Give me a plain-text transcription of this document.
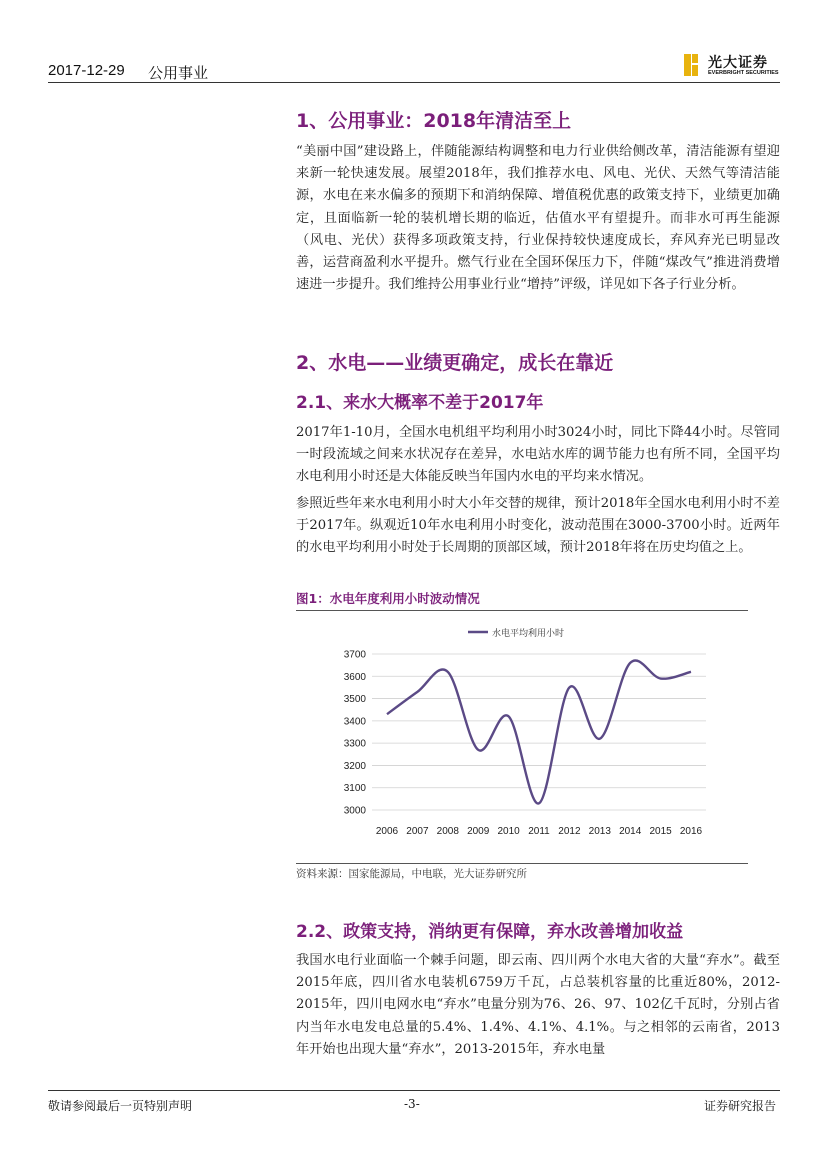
2017-12-29 公用事业
光大证券
EVERBRIGHT SECURITIES
1、公用事业：2018年清洁至上
“美丽中国”建设路上，伴随能源结构调整和电力行业供给侧改革，清洁能源有望迎来新一轮快速发展。展望2018年，我们推荐水电、风电、光伏、天然气等清洁能源，水电在来水偏多的预期下和消纳保障、增值税优惠的政策支持下，业绩更加确定，且面临新一轮的装机增长期的临近，估值水平有望提升。而非水可再生能源（风电、光伏）获得多项政策支持，行业保持较快速度成长，弃风弃光已明显改善，运营商盈利水平提升。燃气行业在全国环保压力下，伴随“煤改气”推进消费增速进一步提升。我们维持公用事业行业“增持”评级，详见如下各子行业分析。
2、水电——业绩更确定，成长在靠近
2.1、来水大概率不差于2017年
2017年1-10月，全国水电机组平均利用小时3024小时，同比下降44小时。尽管同一时段流域之间来水状况存在差异，水电站水库的调节能力也有所不同，全国平均水电利用小时还是大体能反映当年国内水电的平均来水情况。
参照近些年来水电利用小时大小年交替的规律，预计2018年全国水电利用小时不差于2017年。纵观近10年水电利用小时变化，波动范围在3000-3700小时。近两年的水电平均利用小时处于长周期的顶部区域，预计2018年将在历史均值之上。
图1：水电年度利用小时波动情况
水电平均利用小时
3000
3100
3200
3300
3400
3500
3600
3700
2006 2007 2008 2009 2010 2011 2012 2013 2014 2015 2016
资料来源：国家能源局，中电联，光大证券研究所
2.2、政策支持，消纳更有保障，弃水改善增加收益
我国水电行业面临一个棘手问题，即云南、四川两个水电大省的大量“弃水”。截至2015年底，四川省水电装机6759万千瓦，占总装机容量的比重近80%，2012-2015年，四川电网水电“弃水”电量分别为76、26、97、102亿千瓦时，分别占省内当年水电发电总量的5.4%、1.4%、4.1%、4.1%。与之相邻的云南省，2013年开始也出现大量“弃水”，2013-2015年，弃水电量
敬请参阅最后一页特别声明	-3-	证券研究报告
